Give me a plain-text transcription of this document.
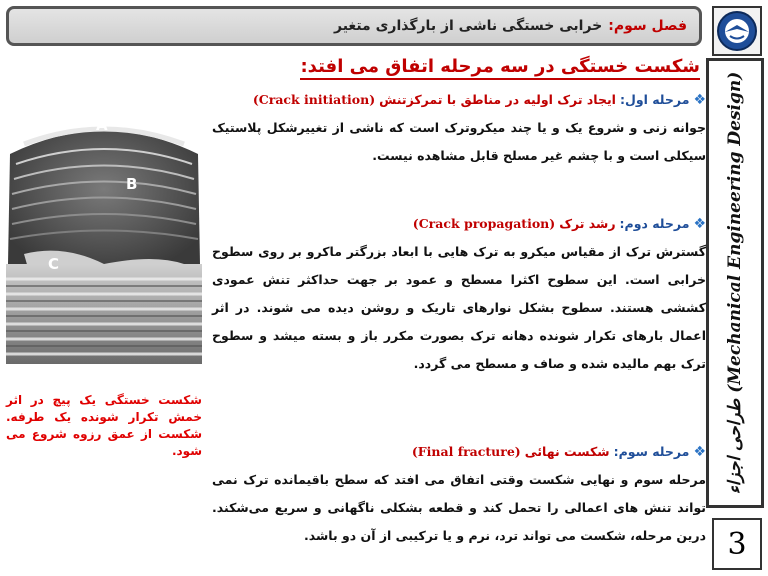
فصل سوم:
خرابی خستگی ناشی از بارگذاری متغیر
طراحی اجزاء (Mechanical Engineering Design)
3
شکست خستگی در سه مرحله اتفاق می افتد:
❖
مرحله اول:
ایجاد ترک اولیه در مناطق با تمرکزتنش
(Crack initiation)
جوانه زنی و شروع یک و یا چند میکروترک است که ناشی از تغییرشکل پلاستیک سیکلی است و با چشم غیر مسلح قابل مشاهده نیست.
❖
مرحله دوم:
رشد ترک
(Crack propagation)
گسترش ترک از مقیاس میکرو به ترک هایی با ابعاد بزرگتر ماکرو بر روی سطوح خرابی است. این سطوح اکثرا مسطح و عمود بر جهت حداکثر تنش عمودی کششی هستند. سطوح بشکل نوارهای تاریک و روشن دیده می شوند. در اثر اعمال بارهای تکرار شونده دهانه ترک بصورت مکرر باز و بسته میشد و سطوح ترک بهم مالیده شده و صاف و مسطح می گردد.
❖
مرحله سوم:
شکست نهائی
(Final fracture)
مرحله سوم و نهایی شکست وقتی اتفاق می افتد که سطح باقیمانده ترک نمی تواند تنش های اعمالی را تحمل کند و قطعه بشکلی ناگهانی و سریع می‌شکند. درین مرحله، شکست می تواند ترد، نرم و یا ترکیبی از آن دو باشد.
A
B
C
شکست خستگی یک پیچ در اثر خمش تکرار شونده یک طرفه. شکست از عمق رزوه شروع می شود.
